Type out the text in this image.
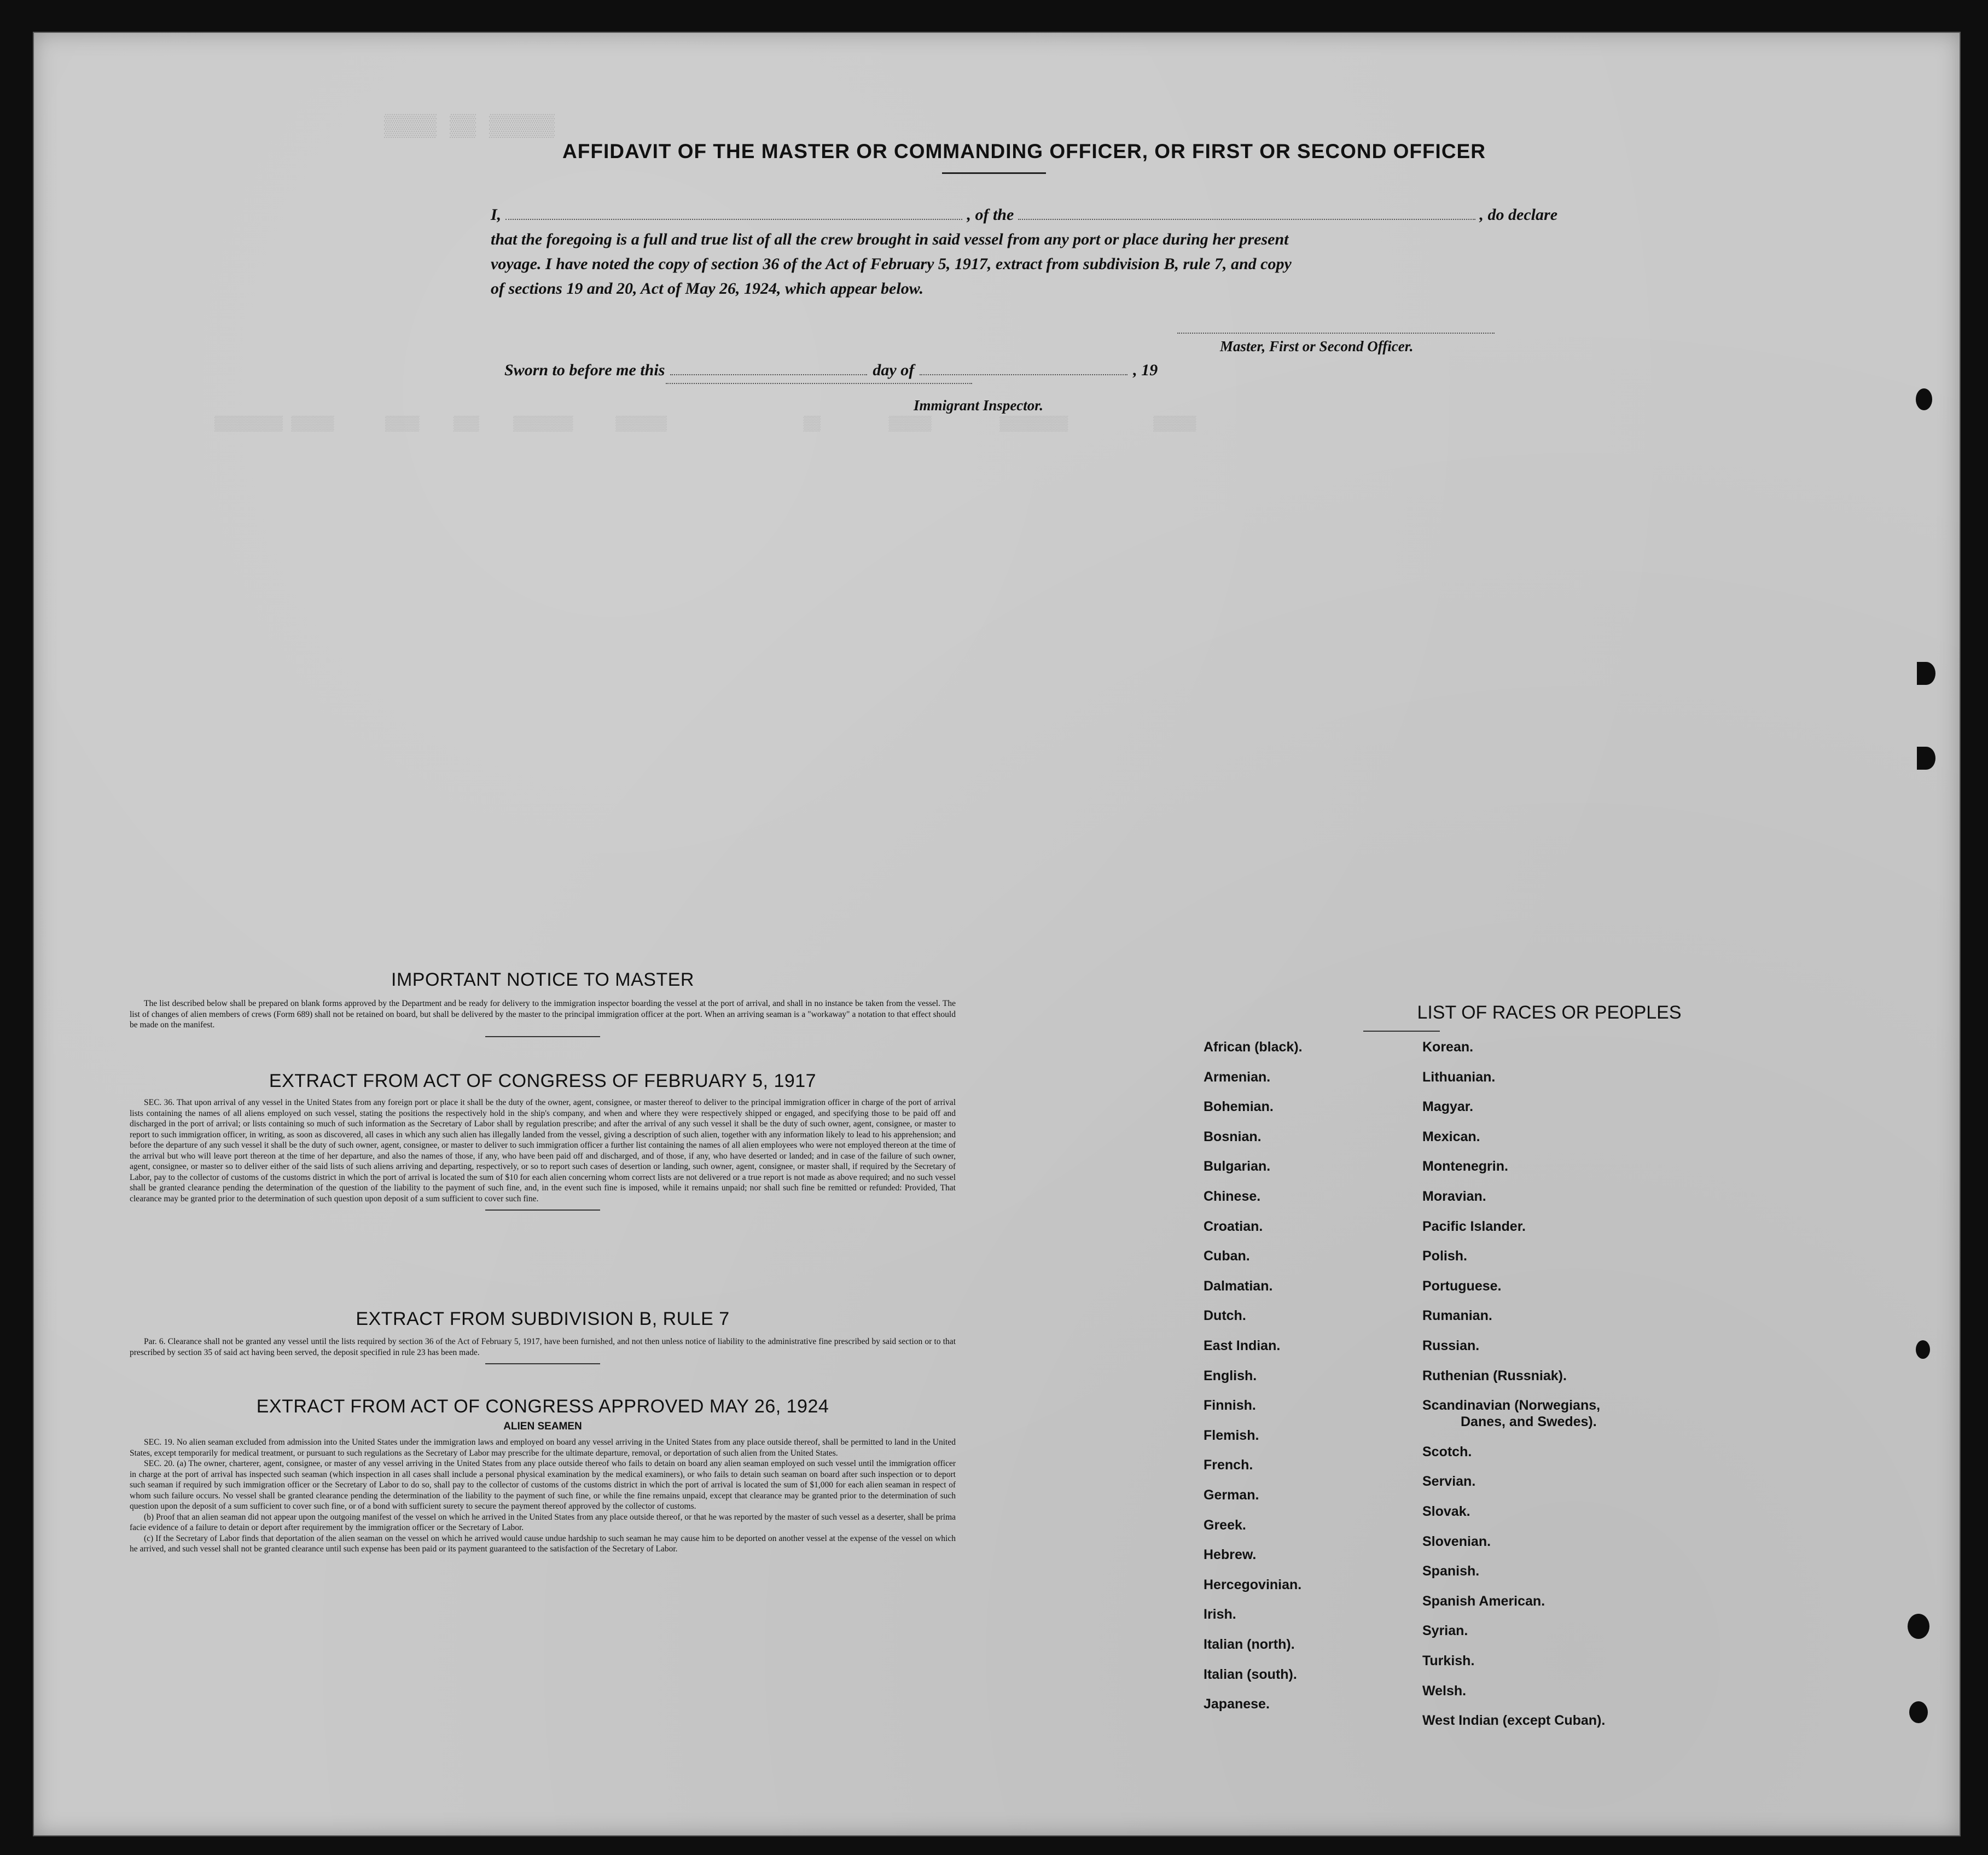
▒▒▒▒ ▒▒ ▒▒▒▒▒
▒▒▒▒▒▒▒▒ ▒▒▒▒▒      ▒▒▒▒    ▒▒▒    ▒▒▒▒▒▒▒     ▒▒▒▒▒▒                ▒▒        ▒▒▒▒▒        ▒▒▒▒▒▒▒▒          ▒▒▒▒▒
AFFIDAVIT OF THE MASTER OR COMMANDING OFFICER, OR FIRST OR SECOND OFFICER
I,	, of the	, do declare
that the foregoing is a full and true list of all the crew brought in said vessel from any port or place during her present
voyage. I have noted the copy of section 36 of the Act of February 5, 1917, extract from subdivision B, rule 7, and copy
of sections 19 and 20, Act of May 26, 1924, which appear below.
Master, First or Second Officer.
Sworn to before me this	day of	, 19
Immigrant Inspector.
IMPORTANT NOTICE TO MASTER

The list described below shall be prepared on blank forms approved by the Department and be ready for delivery to the immigration inspector boarding the vessel at the port of arrival, and shall in no instance be taken from the vessel. The list of changes of alien members of crews (Form 689) shall not be retained on board, but shall be delivered by the master to the principal immigration officer at the port. When an arriving seaman is a "workaway" a notation to that effect should be made on the manifest.

EXTRACT FROM ACT OF CONGRESS OF FEBRUARY 5, 1917

SEC. 36. That upon arrival of any vessel in the United States from any foreign port or place it shall be the duty of the owner, agent, consignee, or master thereof to deliver to the principal immigration officer in charge of the port of arrival lists containing the names of all aliens employed on such vessel, stating the positions the respectively hold in the ship's company, and when and where they were respectively shipped or engaged, and specifying those to be paid off and discharged in the port of arrival; or lists containing so much of such information as the Secretary of Labor shall by regulation prescribe; and after the arrival of any such vessel it shall be the duty of such owner, agent, consignee, or master to report to such immigration officer, in writing, as soon as discovered, all cases in which any such alien has illegally landed from the vessel, giving a description of such alien, together with any information likely to lead to his apprehension; and before the departure of any such vessel it shall be the duty of such owner, agent, consignee, or master to deliver to such immigration officer a further list containing the names of all alien employees who were not employed thereon at the time of the arrival but who will leave port thereon at the time of her departure, and also the names of those, if any, who have been paid off and discharged, and of those, if any, who have deserted or landed; and in case of the failure of such owner, agent, consignee, or master so to deliver either of the said lists of such aliens arriving and departing, respectively, or so to report such cases of desertion or landing, such owner, agent, consignee, or master shall, if required by the Secretary of Labor, pay to the collector of customs of the customs district in which the port of arrival is located the sum of $10 for each alien concerning whom correct lists are not delivered or a true report is not made as above required; and no such vessel shall be granted clearance pending the determination of the question of the liability to the payment of such fine, and, in the event such fine is imposed, while it remains unpaid; nor shall such fine be remitted or refunded: Provided, That clearance may be granted prior to the determination of such question upon deposit of a sum sufficient to cover such fine.

EXTRACT FROM SUBDIVISION B, RULE 7

Par. 6. Clearance shall not be granted any vessel until the lists required by section 36 of the Act of February 5, 1917, have been furnished, and not then unless notice of liability to the administrative fine prescribed by said section or to that prescribed by section 35 of said act having been served, the deposit specified in rule 23 has been made.

EXTRACT FROM ACT OF CONGRESS APPROVED MAY 26, 1924
ALIEN SEAMEN

SEC. 19. No alien seaman excluded from admission into the United States under the immigration laws and employed on board any vessel arriving in the United States from any place outside thereof, shall be permitted to land in the United States, except temporarily for medical treatment, or pursuant to such regulations as the Secretary of Labor may prescribe for the ultimate departure, removal, or deportation of such alien from the United States.

SEC. 20. (a) The owner, charterer, agent, consignee, or master of any vessel arriving in the United States from any place outside thereof who fails to detain on board any alien seaman employed on such vessel until the immigration officer in charge at the port of arrival has inspected such seaman (which inspection in all cases shall include a personal physical examination by the medical examiners), or who fails to detain such seaman on board after such inspection or to deport such seaman if required by such immigration officer or the Secretary of Labor to do so, shall pay to the collector of customs of the customs district in which the port of arrival is located the sum of $1,000 for each alien seaman in respect of whom such failure occurs. No vessel shall be granted clearance pending the determination of the liability to the payment of such fine, or while the fine remains unpaid, except that clearance may be granted prior to the determination of such question upon the deposit of a sum sufficient to cover such fine, or of a bond with sufficient surety to secure the payment thereof approved by the collector of customs.

(b) Proof that an alien seaman did not appear upon the outgoing manifest of the vessel on which he arrived in the United States from any place outside thereof, or that he was reported by the master of such vessel as a deserter, shall be prima facie evidence of a failure to detain or deport after requirement by the immigration officer or the Secretary of Labor.

(c) If the Secretary of Labor finds that deportation of the alien seaman on the vessel on which he arrived would cause undue hardship to such seaman he may cause him to be deported on another vessel at the expense of the vessel on which he arrived, and such vessel shall not be granted clearance until such expense has been paid or its payment guaranteed to the satisfaction of the Secretary of Labor.

LIST OF RACES OR PEOPLES
African (black).
Armenian.
Bohemian.
Bosnian.
Bulgarian.
Chinese.
Croatian.
Cuban.
Dalmatian.
Dutch.
East Indian.
English.
Finnish.
Flemish.
French.
German.
Greek.
Hebrew.
Hercegovinian.
Irish.
Italian (north).
Italian (south).
Japanese.
Korean.
Lithuanian.
Magyar.
Mexican.
Montenegrin.
Moravian.
Pacific Islander.
Polish.
Portuguese.
Rumanian.
Russian.
Ruthenian (Russniak).
Scandinavian (Norwegians,
Danes, and Swedes).
Scotch.
Servian.
Slovak.
Slovenian.
Spanish.
Spanish American.
Syrian.
Turkish.
Welsh.
West Indian (except Cuban).
